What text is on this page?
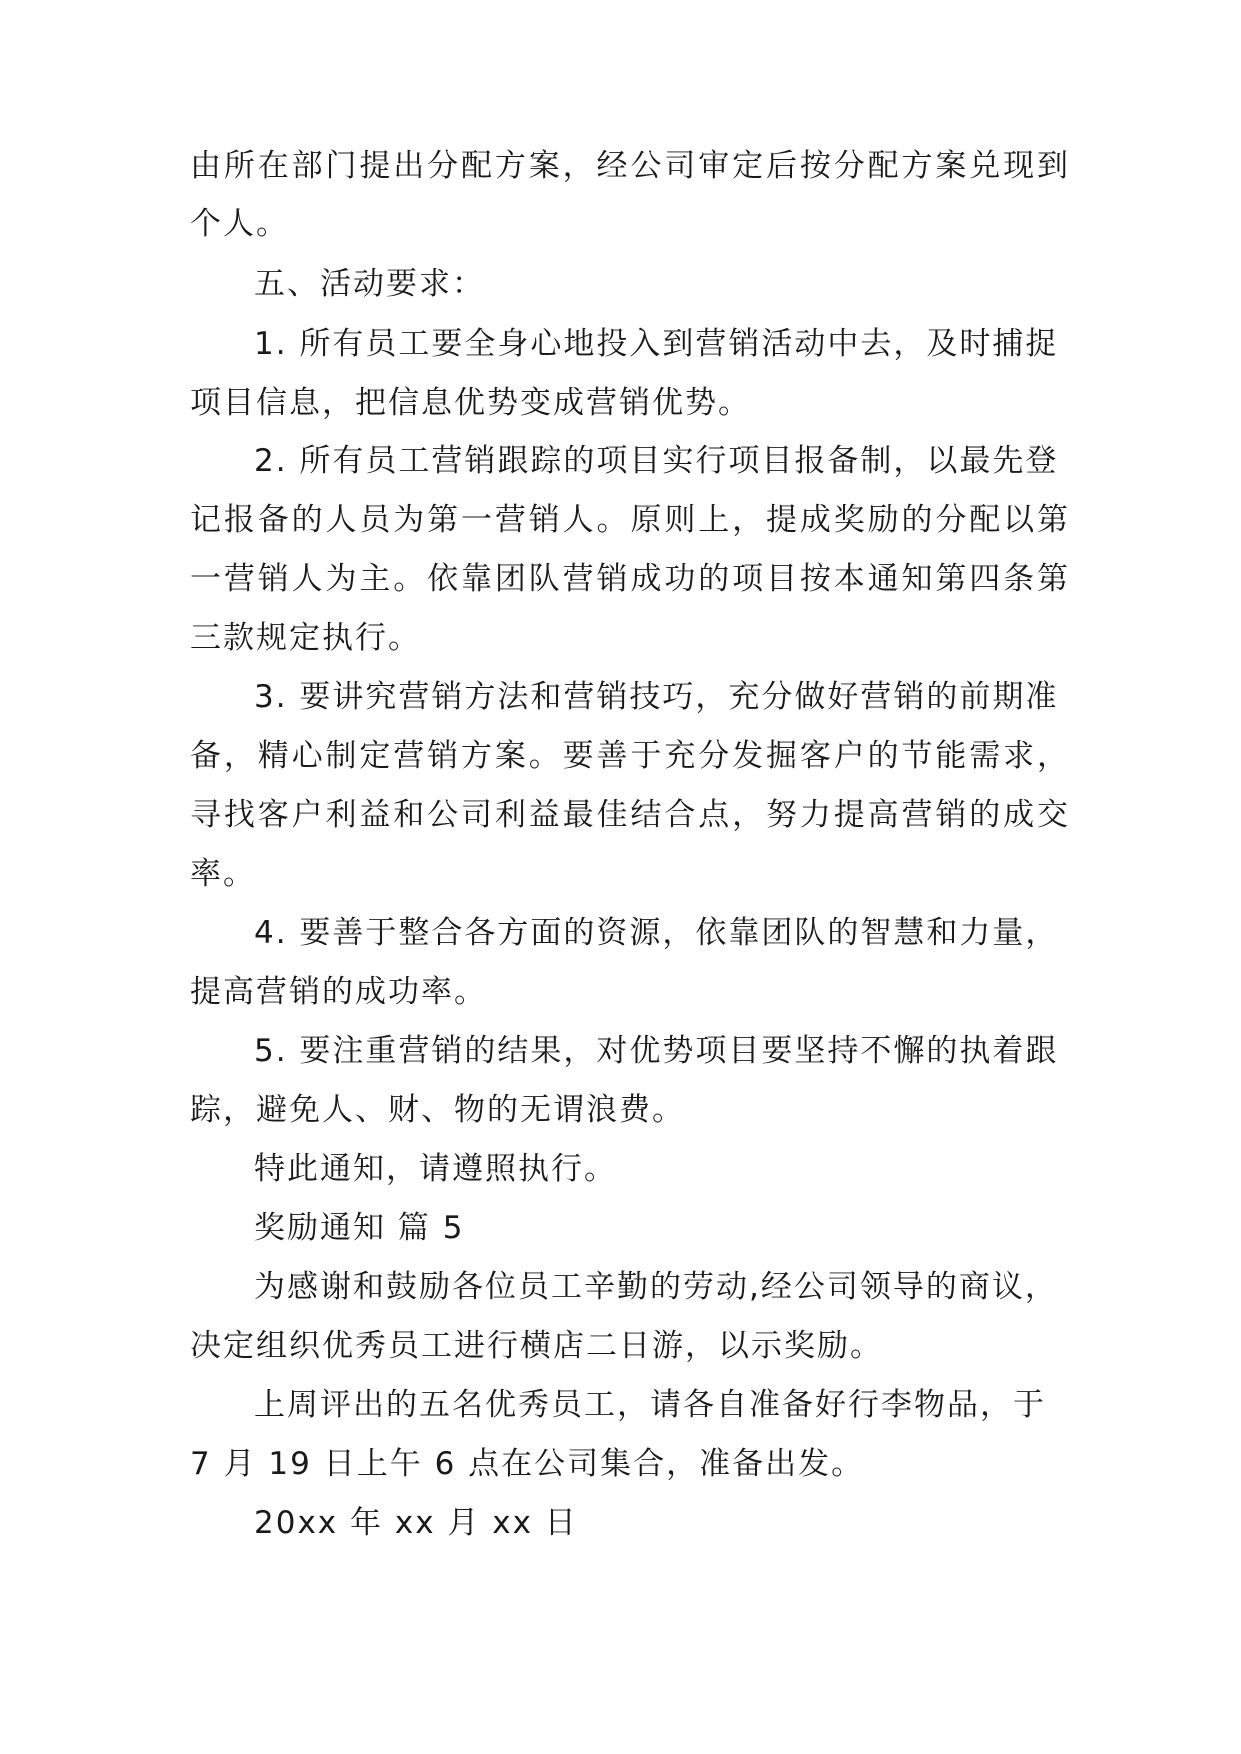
由所在部门提出分配方案，经公司审定后按分配方案兑现到
个人。
五、活动要求：
1. 所有员工要全身心地投入到营销活动中去，及时捕捉
项目信息，把信息优势变成营销优势。
2. 所有员工营销跟踪的项目实行项目报备制，以最先登
记报备的人员为第一营销人。原则上，提成奖励的分配以第
一营销人为主。依靠团队营销成功的项目按本通知第四条第
三款规定执行。
3. 要讲究营销方法和营销技巧，充分做好营销的前期准
备，精心制定营销方案。要善于充分发掘客户的节能需求，
寻找客户利益和公司利益最佳结合点，努力提高营销的成交
率。
4. 要善于整合各方面的资源，依靠团队的智慧和力量，
提高营销的成功率。
5. 要注重营销的结果，对优势项目要坚持不懈的执着跟
踪，避免人、财、物的无谓浪费。
特此通知，请遵照执行。
奖励通知 篇 5
为感谢和鼓励各位员工辛勤的劳动,经公司领导的商议，
决定组织优秀员工进行横店二日游，以示奖励。
上周评出的五名优秀员工，请各自准备好行李物品，于
7 月 19 日上午 6 点在公司集合，准备出发。
20xx 年 xx 月 xx 日
